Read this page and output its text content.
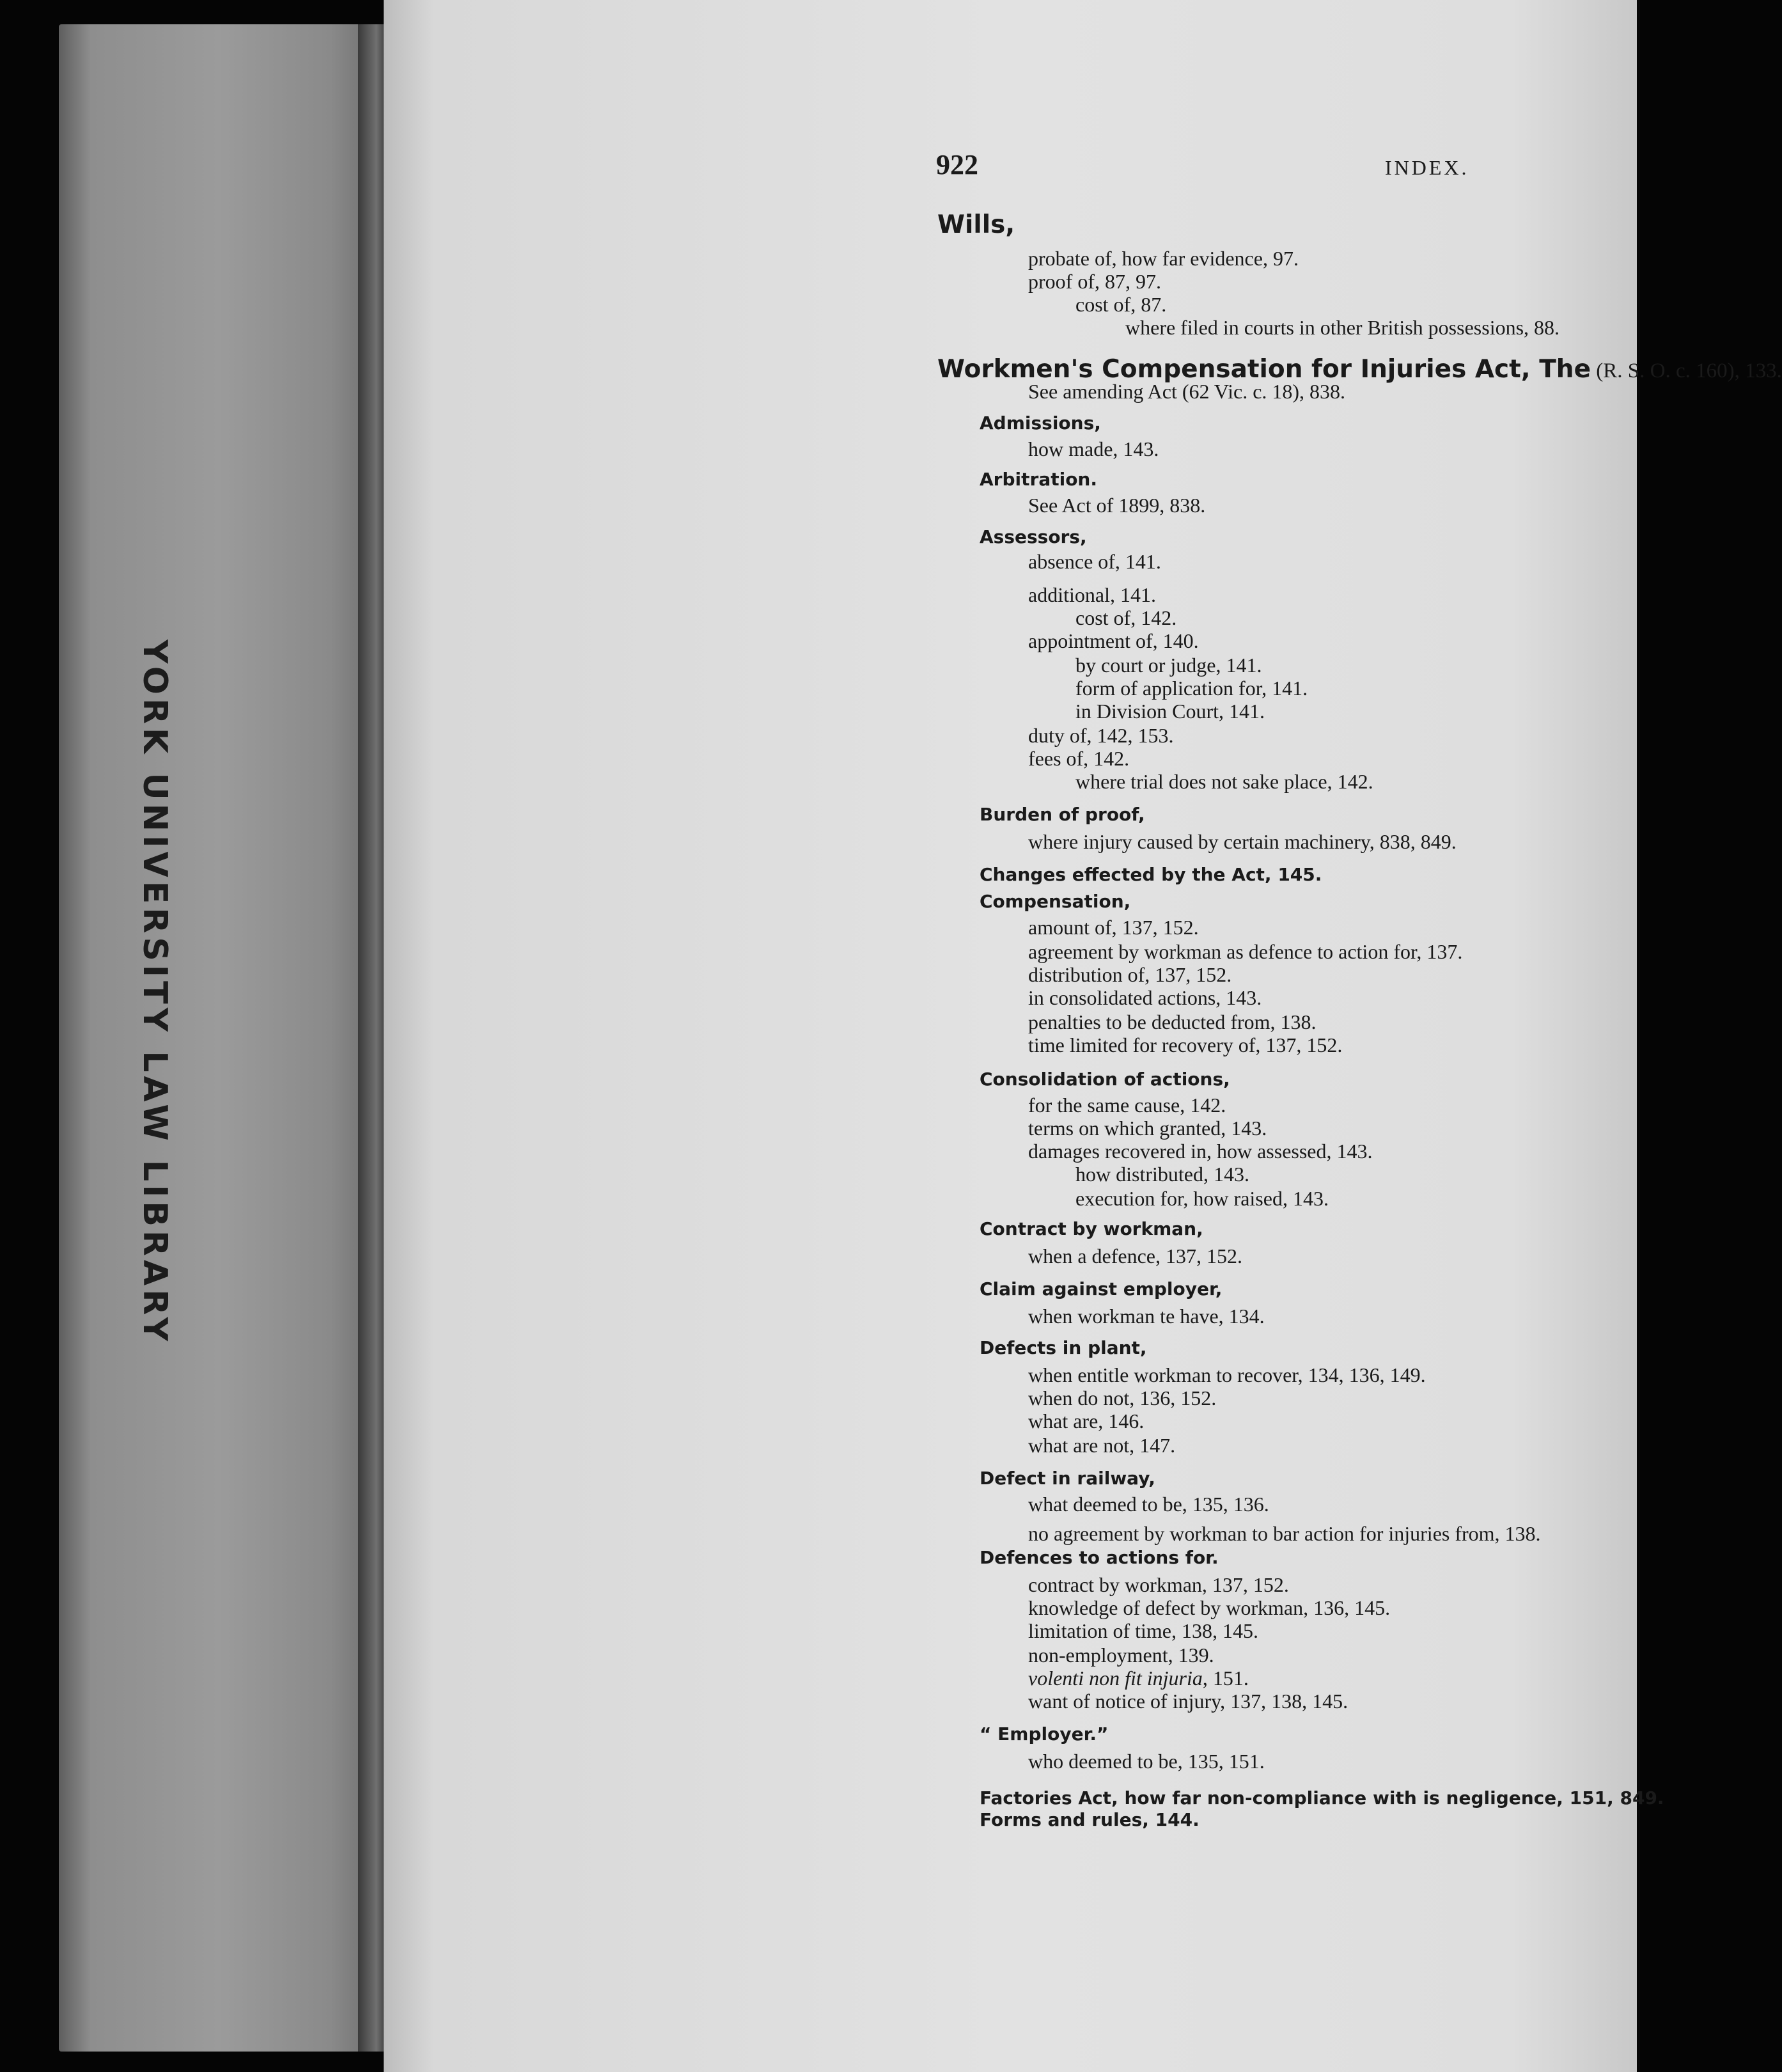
YORK UNIVERSITY LAW LIBRARY
922	INDEX.
Wills,
probate of, how far evidence, 97.
proof of, 87, 97.
cost of, 87.
where filed in courts in other British possessions, 88.
Workmen's Compensation for Injuries Act, The (R. S. O. c. 160), 133.
See amending Act (62 Vic. c. 18), 838.
Admissions,
how made, 143.
Arbitration.
See Act of 1899, 838.
Assessors,
absence of, 141.
additional, 141.
cost of, 142.
appointment of, 140.
by court or judge, 141.
form of application for, 141.
in Division Court, 141.
duty of, 142, 153.
fees of, 142.
where trial does not sake place, 142.
Burden of proof,
where injury caused by certain machinery, 838, 849.
Changes effected by the Act, 145.
Compensation,
amount of, 137, 152.
agreement by workman as defence to action for, 137.
distribution of, 137, 152.
in consolidated actions, 143.
penalties to be deducted from, 138.
time limited for recovery of, 137, 152.
Consolidation of actions,
for the same cause, 142.
terms on which granted, 143.
damages recovered in, how assessed, 143.
how distributed, 143.
execution for, how raised, 143.
Contract by workman,
when a defence, 137, 152.
Claim against employer,
when workman te have, 134.
Defects in plant,
when entitle workman to recover, 134, 136, 149.
when do not, 136, 152.
what are, 146.
what are not, 147.
Defect in railway,
what deemed to be, 135, 136.
no agreement by workman to bar action for injuries from, 138.
Defences to actions for.
contract by workman, 137, 152.
knowledge of defect by workman, 136, 145.
limitation of time, 138, 145.
non-employment, 139.
volenti non fit injuria, 151.
want of notice of injury, 137, 138, 145.
“ Employer.”
who deemed to be, 135, 151.
Factories Act, how far non-compliance with is negligence, 151, 849.
Forms and rules, 144.
